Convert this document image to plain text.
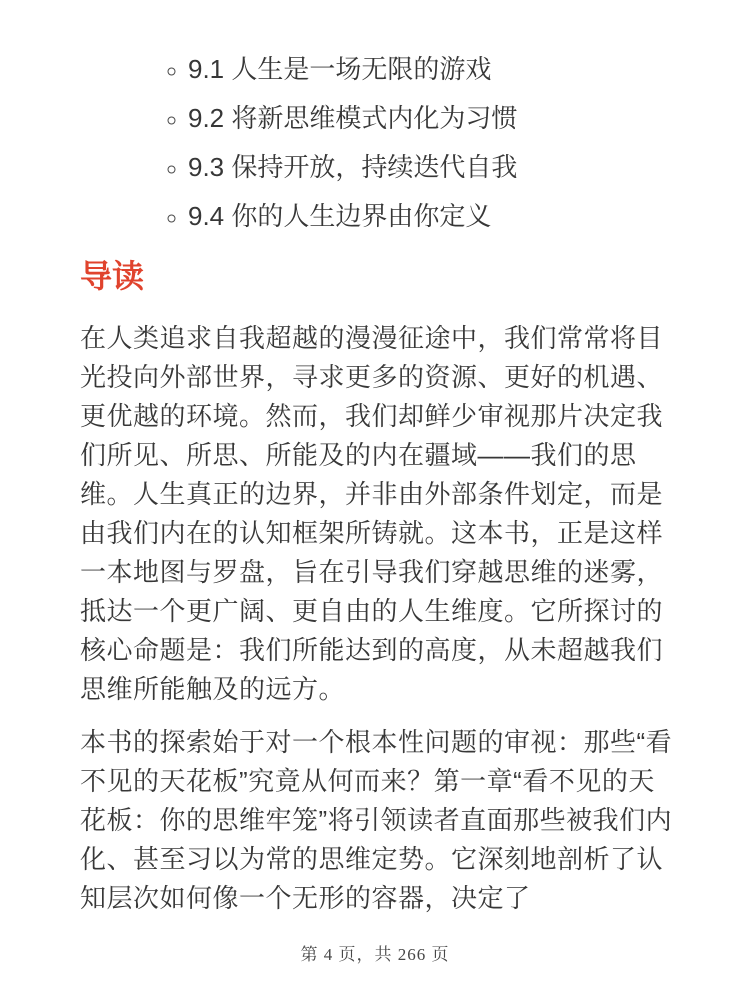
◦ 9.1 人生是一场无限的游戏
◦ 9.2 将新思维模式内化为习惯
◦ 9.3 保持开放，持续迭代自我
◦ 9.4 你的人生边界由你定义
导读

在人类追求自我超越的漫漫征途中，我们常常将目光投向外部世界，寻求更多的资源、更好的机遇、更优越的环境。然而，我们却鲜少审视那片决定我们所见、所思、所能及的内在疆域——我们的思维。人生真正的边界，并非由外部条件划定，而是由我们内在的认知框架所铸就。这本书，正是这样一本地图与罗盘，旨在引导我们穿越思维的迷雾，抵达一个更广阔、更自由的人生维度。它所探讨的核心命题是：我们所能达到的高度，从未超越我们思维所能触及的远方。

本书的探索始于对一个根本性问题的审视：那些“看不见的天花板”究竟从何而来？第一章“看不见的天花板：你的思维牢笼”将引领读者直面那些被我们内化、甚至习以为常的思维定势。它深刻地剖析了认知层次如何像一个无形的容器，决定了

第 4 页，共 266 页
